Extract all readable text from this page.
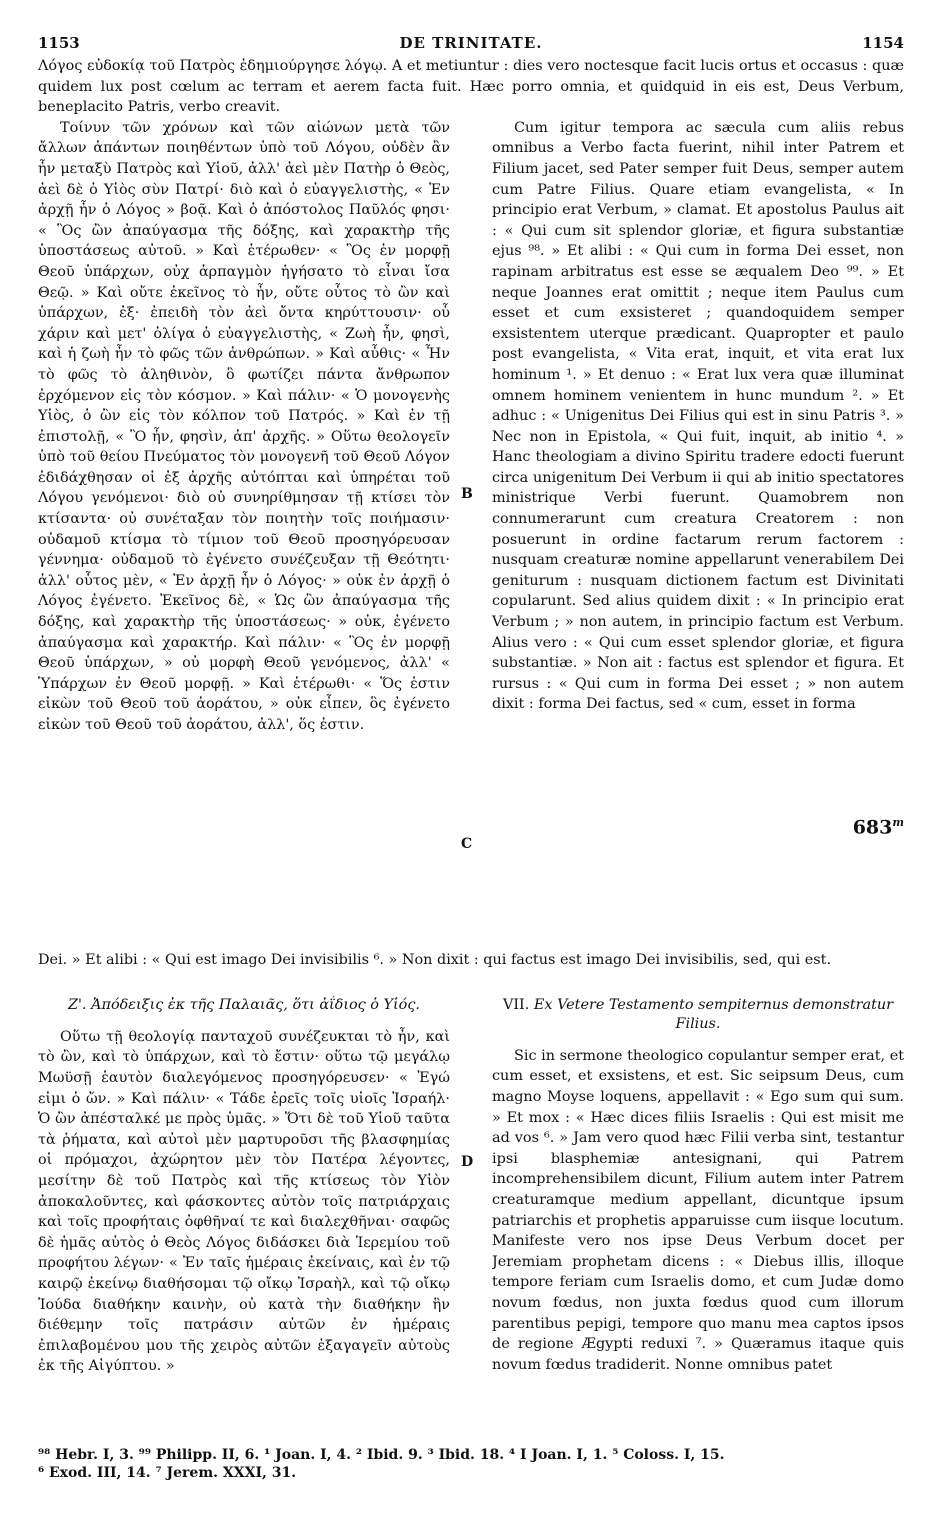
1153	DE TRINITATE.	1154

Λόγος εὐδοκίᾳ τοῦ Πατρὸς ἐδημιούργησε λόγῳ. A et metiuntur : dies vero noctesque facit lucis ortus et occasus : quæ quidem lux post cœlum ac terram et aerem facta fuit. Hæc porro omnia, et quidquid in eis est, Deus Verbum, beneplacito Patris, verbo creavit.

Τοίνυν τῶν χρόνων καὶ τῶν αἰώνων μετὰ τῶν ἄλλων ἁπάντων ποιηθέντων ὑπὸ τοῦ Λόγου, οὐδὲν ἂν ἦν μεταξὺ Πατρὸς καὶ Υἱοῦ, ἀλλ' ἀεὶ μὲν Πατὴρ ὁ Θεὸς, ἀεὶ δὲ ὁ Υἱὸς σὺν Πατρί· διὸ καὶ ὁ εὐαγγελιστὴς, « Ἐν ἀρχῇ ἦν ὁ Λόγος » βοᾷ. Καὶ ὁ ἀπόστολος Παῦλός φησι· « Ὃς ὢν ἀπαύγασμα τῆς δόξης, καὶ χαρακτὴρ τῆς ὑποστάσεως αὐτοῦ. » Καὶ ἑτέρωθεν· « Ὃς ἐν μορφῇ Θεοῦ ὑπάρχων, οὐχ ἁρπαγμὸν ἡγήσατο τὸ εἶναι ἴσα Θεῷ. » Καὶ οὔτε ἐκεῖνος τὸ ἦν, οὔτε οὗτος τὸ ὢν καὶ ὑπάρχων, ἐξ· ἐπειδὴ τὸν ἀεὶ ὄντα κηρύττουσιν· οὗ χάριν καὶ μετ' ὀλίγα ὁ εὐαγγελιστὴς, « Ζωὴ ἦν, φησὶ, καὶ ἡ ζωὴ ἦν τὸ φῶς τῶν ἀνθρώπων. » Καὶ αὖθις· « Ἦν τὸ φῶς τὸ ἀληθινὸν, ὃ φωτίζει πάντα ἄνθρωπον ἐρχόμενον εἰς τὸν κόσμον. » Καὶ πάλιν· « Ὁ μονογενὴς Υἱὸς, ὁ ὢν εἰς τὸν κόλπον τοῦ Πατρός. » Καὶ ἐν τῇ ἐπιστολῇ, « Ὃ ἦν, φησὶν, ἀπ' ἀρχῆς. » Οὕτω θεολογεῖν ὑπὸ τοῦ θείου Πνεύματος τὸν μονογενῆ τοῦ Θεοῦ Λόγον ἐδιδάχθησαν οἱ ἐξ ἀρχῆς αὐτόπται καὶ ὑπηρέται τοῦ Λόγου γενόμενοι· διὸ οὐ συνηρίθμησαν τῇ κτίσει τὸν κτίσαντα· οὐ συνέταξαν τὸν ποιητὴν τοῖς ποιήμασιν· οὐδαμοῦ κτίσμα τὸ τίμιον τοῦ Θεοῦ προσηγόρευσαν γέννημα· οὐδαμοῦ τὸ ἐγένετο συνέζευξαν τῇ Θεότητι· ἀλλ' οὗτος μὲν, « Ἐν ἀρχῇ ἦν ὁ Λόγος· » οὐκ ἐν ἀρχῇ ὁ Λόγος ἐγένετο. Ἐκεῖνος δὲ, « Ὡς ὢν ἀπαύγασμα τῆς δόξης, καὶ χαρακτὴρ τῆς ὑποστάσεως· » οὐκ, ἐγένετο ἀπαύγασμα καὶ χαρακτήρ. Καὶ πάλιν· « Ὃς ἐν μορφῇ Θεοῦ ὑπάρχων, » οὐ μορφὴ Θεοῦ γενόμενος, ἀλλ' « Ὑπάρχων ἐν Θεοῦ μορφῇ. » Καὶ ἑτέρωθι· « Ὅς ἐστιν εἰκὼν τοῦ Θεοῦ τοῦ ἀοράτου, » οὐκ εἶπεν, ὃς ἐγένετο εἰκὼν τοῦ Θεοῦ τοῦ ἀοράτου, ἀλλ', ὅς ἐστιν.

Cum igitur tempora ac sæcula cum aliis rebus omnibus a Verbo facta fuerint, nihil inter Patrem et Filium jacet, sed Pater semper fuit Deus, semper autem cum Patre Filius. Quare etiam evangelista, « In principio erat Verbum, » clamat. Et apostolus Paulus ait : « Qui cum sit splendor gloriæ, et figura substantiæ ejus ⁹⁸. » Et alibi : « Qui cum in forma Dei esset, non rapinam arbitratus est esse se æqualem Deo ⁹⁹. » Et neque Joannes erat omittit ; neque item Paulus cum esset et cum exsisteret ; quandoquidem semper exsistentem uterque prædicant. Quapropter et paulo post evangelista, « Vita erat, inquit, et vita erat lux hominum ¹. » Et denuo : « Erat lux vera quæ illuminat omnem hominem venientem in hunc mundum ². » Et adhuc : « Unigenitus Dei Filius qui est in sinu Patris ³. » Nec non in Epistola, « Qui fuit, inquit, ab initio ⁴. » Hanc theologiam a divino Spiritu tradere edocti fuerunt circa unigenitum Dei Verbum ii qui ab initio spectatores ministrique Verbi fuerunt. Quamobrem non connumerarunt cum creatura Creatorem : non posuerunt in ordine factarum rerum factorem : nusquam creaturæ nomine appellarunt venerabilem Dei geniturum : nusquam dictionem factum est Divinitati copularunt. Sed alius quidem dixit : « In principio erat Verbum ; » non autem, in principio factum est Verbum. Alius vero : « Qui cum esset splendor gloriæ, et figura substantiæ. » Non ait : factus est splendor et figura. Et rursus : « Qui cum in forma Dei esset ; » non autem dixit : forma Dei factus, sed « cum, esset in forma

B
C
D
683$^m$
Dei. » Et alibi : « Qui est imago Dei invisibilis ⁶. » Non dixit : qui factus est imago Dei invisibilis, sed, qui est.
Ζ'. Ἀπόδειξις ἐκ τῆς Παλαιᾶς, ὅτι ἀΐδιος ὁ Υἱός.

Οὕτω τῇ θεολογίᾳ πανταχοῦ συνέζευκται τὸ ἦν, καὶ τὸ ὢν, καὶ τὸ ὑπάρχων, καὶ τὸ ἔστιν· οὕτω τῷ μεγάλῳ Μωϋσῇ ἑαυτὸν διαλεγόμενος προσηγόρευσεν· « Ἐγώ εἰμι ὁ ὤν. » Καὶ πάλιν· « Τάδε ἐρεῖς τοῖς υἱοῖς Ἰσραήλ· Ὁ ὢν ἀπέσταλκέ με πρὸς ὑμᾶς. » Ὅτι δὲ τοῦ Υἱοῦ ταῦτα τὰ ῥήματα, καὶ αὐτοὶ μὲν μαρτυροῦσι τῆς βλασφημίας οἱ πρόμαχοι, ἀχώρητον μὲν τὸν Πατέρα λέγοντες, μεσίτην δὲ τοῦ Πατρὸς καὶ τῆς κτίσεως τὸν Υἱὸν ἀποκαλοῦντες, καὶ φάσκοντες αὐτὸν τοῖς πατριάρχαις καὶ τοῖς προφήταις ὀφθῆναί τε καὶ διαλεχθῆναι· σαφῶς δὲ ἡμᾶς αὐτὸς ὁ Θεὸς Λόγος διδάσκει διὰ Ἱερεμίου τοῦ προφήτου λέγων· « Ἐν ταῖς ἡμέραις ἐκείναις, καὶ ἐν τῷ καιρῷ ἐκείνῳ διαθήσομαι τῷ οἴκῳ Ἰσραὴλ, καὶ τῷ οἴκῳ Ἰούδα διαθήκην καινὴν, οὐ κατὰ τὴν διαθήκην ἣν διέθεμην τοῖς πατράσιν αὐτῶν ἐν ἡμέραις ἐπιλαβομένου μου τῆς χειρὸς αὐτῶν ἐξαγαγεῖν αὐτοὺς ἐκ τῆς Αἰγύπτου. »

VII. Ex Vetere Testamento sempiternus demonstratur Filius.

Sic in sermone theologico copulantur semper erat, et cum esset, et exsistens, et est. Sic seipsum Deus, cum magno Moyse loquens, appellavit : « Ego sum qui sum. » Et mox : « Hæc dices filiis Israelis : Qui est misit me ad vos ⁶. » Jam vero quod hæc Filii verba sint, testantur ipsi blasphemiæ antesignani, qui Patrem incomprehensibilem dicunt, Filium autem inter Patrem creaturamque medium appellant, dicuntque ipsum patriarchis et prophetis apparuisse cum iisque locutum. Manifeste vero nos ipse Deus Verbum docet per Jeremiam prophetam dicens : « Diebus illis, illoque tempore feriam cum Israelis domo, et cum Judæ domo novum fœdus, non juxta fœdus quod cum illorum parentibus pepigi, tempore quo manu mea captos ipsos de regione Ægypti reduxi ⁷. » Quæramus itaque quis novum fœdus tradiderit. Nonne omnibus patet

⁹⁸ Hebr. I, 3. ⁹⁹ Philipp. II, 6. ¹ Joan. I, 4. ² Ibid. 9. ³ Ibid. 18. ⁴ I Joan. I, 1. ⁵ Coloss. I, 15.
⁶ Exod. III, 14. ⁷ Jerem. XXXI, 31.
